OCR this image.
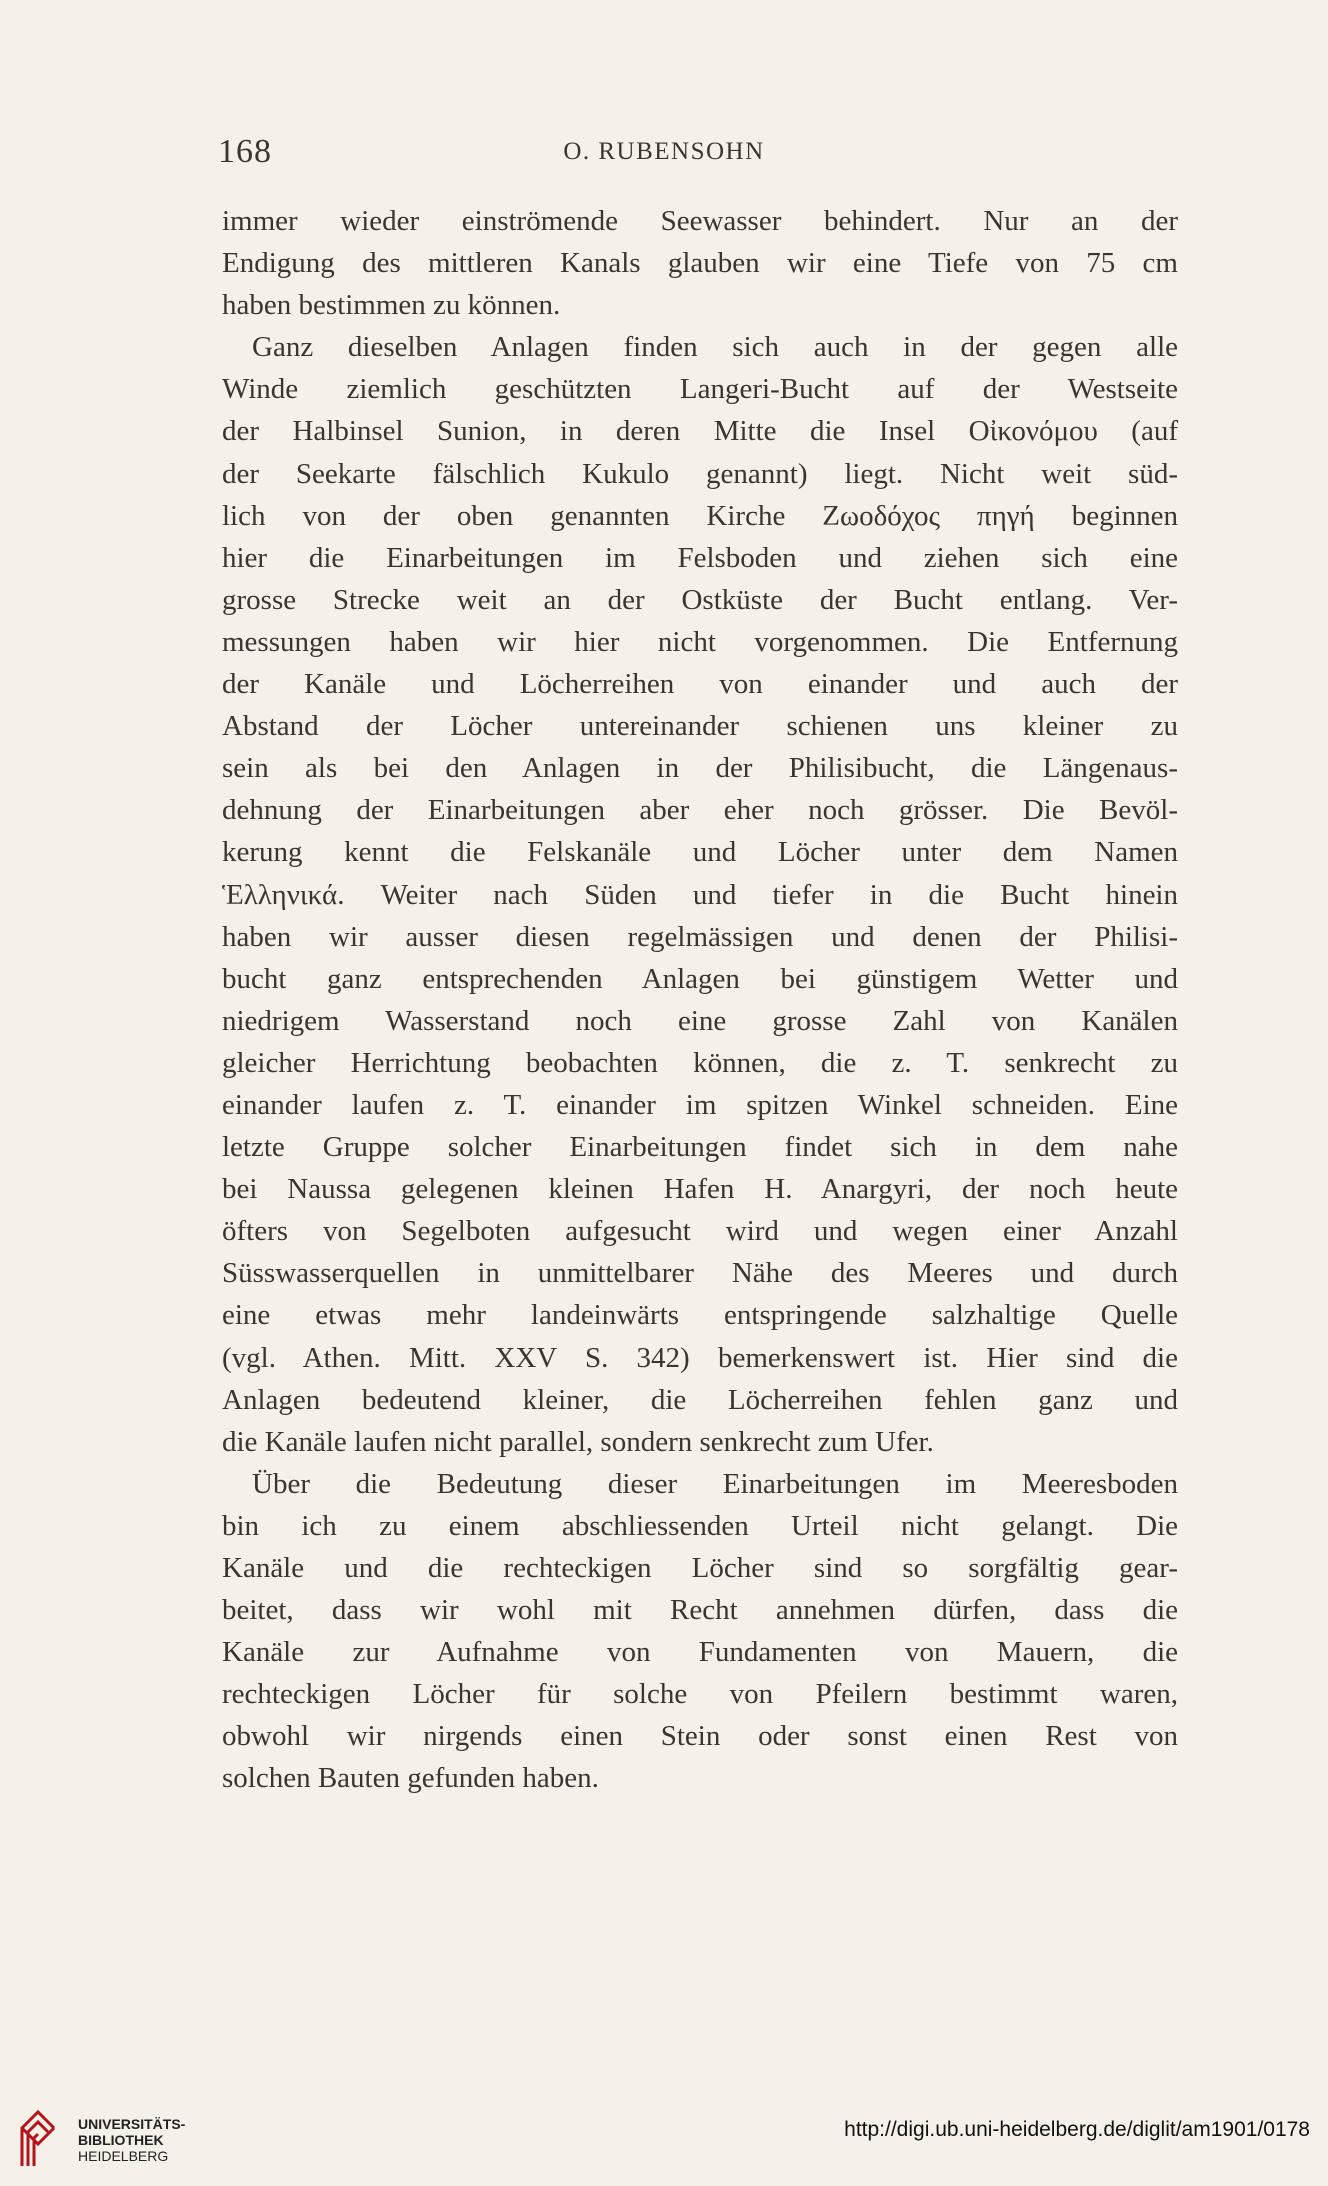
168	O. RUBENSOHN
immer wieder einströmende Seewasser behindert. Nur an der
Endigung des mittleren Kanals glauben wir eine Tiefe von 75 cm
haben bestimmen zu können.
Ganz dieselben Anlagen finden sich auch in der gegen alle
Winde ziemlich geschützten Langeri-Bucht auf der Westseite
der Halbinsel Sunion, in deren Mitte die Insel Οἰκονόμου (auf
der Seekarte fälschlich Kukulo genannt) liegt. Nicht weit süd-
lich von der oben genannten Kirche Ζωοδόχος πηγή beginnen
hier die Einarbeitungen im Felsboden und ziehen sich eine
grosse Strecke weit an der Ostküste der Bucht entlang. Ver-
messungen haben wir hier nicht vorgenommen. Die Entfernung
der Kanäle und Löcherreihen von einander und auch der
Abstand der Löcher untereinander schienen uns kleiner zu
sein als bei den Anlagen in der Philisibucht, die Längenaus-
dehnung der Einarbeitungen aber eher noch grösser. Die Bevöl-
kerung kennt die Felskanäle und Löcher unter dem Namen
Ἑλληνικά. Weiter nach Süden und tiefer in die Bucht hinein
haben wir ausser diesen regelmässigen und denen der Philisi-
bucht ganz entsprechenden Anlagen bei günstigem Wetter und
niedrigem Wasserstand noch eine grosse Zahl von Kanälen
gleicher Herrichtung beobachten können, die z. T. senkrecht zu
einander laufen z. T. einander im spitzen Winkel schneiden. Eine
letzte Gruppe solcher Einarbeitungen findet sich in dem nahe
bei Naussa gelegenen kleinen Hafen H. Anargyri, der noch heute
öfters von Segelboten aufgesucht wird und wegen einer Anzahl
Süsswasserquellen in unmittelbarer Nähe des Meeres und durch
eine etwas mehr landeinwärts entspringende salzhaltige Quelle
(vgl. Athen. Mitt. XXV S. 342) bemerkenswert ist. Hier sind die
Anlagen bedeutend kleiner, die Löcherreihen fehlen ganz und
die Kanäle laufen nicht parallel, sondern senkrecht zum Ufer.
Über die Bedeutung dieser Einarbeitungen im Meeresboden
bin ich zu einem abschliessenden Urteil nicht gelangt. Die
Kanäle und die rechteckigen Löcher sind so sorgfältig gear-
beitet, dass wir wohl mit Recht annehmen dürfen, dass die
Kanäle zur Aufnahme von Fundamenten von Mauern, die
rechteckigen Löcher für solche von Pfeilern bestimmt waren,
obwohl wir nirgends einen Stein oder sonst einen Rest von
solchen Bauten gefunden haben.
UNIVERSITÄTS-
BIBLIOTHEK
HEIDELBERG
http://digi.ub.uni-heidelberg.de/diglit/am1901/0178
